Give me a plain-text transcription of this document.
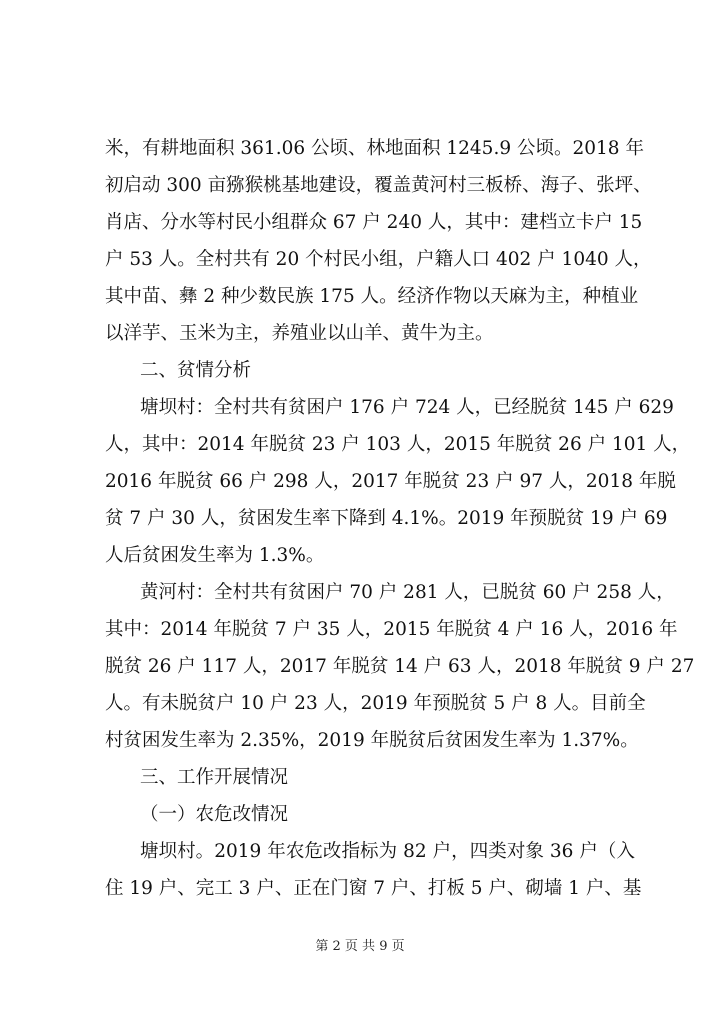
米，有耕地面积 361.06 公顷、林地面积 1245.9 公顷。2018 年
初启动 300 亩猕猴桃基地建设，覆盖黄河村三板桥、海子、张坪、
肖店、分水等村民小组群众 67 户 240 人，其中：建档立卡户 15
户 53 人。全村共有 20 个村民小组，户籍人口 402 户 1040 人，
其中苗、彝 2 种少数民族 175 人。经济作物以天麻为主，种植业
以洋芋、玉米为主，养殖业以山羊、黄牛为主。
二、贫情分析
塘坝村：全村共有贫困户 176 户 724 人，已经脱贫 145 户 629
人，其中：2014 年脱贫 23 户 103 人，2015 年脱贫 26 户 101 人，
2016 年脱贫 66 户 298 人，2017 年脱贫 23 户 97 人，2018 年脱
贫 7 户 30 人，贫困发生率下降到 4.1%。2019 年预脱贫 19 户 69
人后贫困发生率为 1.3%。
黄河村：全村共有贫困户 70 户 281 人，已脱贫 60 户 258 人，
其中：2014 年脱贫 7 户 35 人，2015 年脱贫 4 户 16 人，2016 年
脱贫 26 户 117 人，2017 年脱贫 14 户 63 人，2018 年脱贫 9 户 27
人。有未脱贫户 10 户 23 人，2019 年预脱贫 5 户 8 人。目前全
村贫困发生率为 2.35%，2019 年脱贫后贫困发生率为 1.37%。
三、工作开展情况
（一）农危改情况
塘坝村。2019 年农危改指标为 82 户，四类对象 36 户（入
住 19 户、完工 3 户、正在门窗 7 户、打板 5 户、砌墙 1 户、基
第 2 页 共 9 页
